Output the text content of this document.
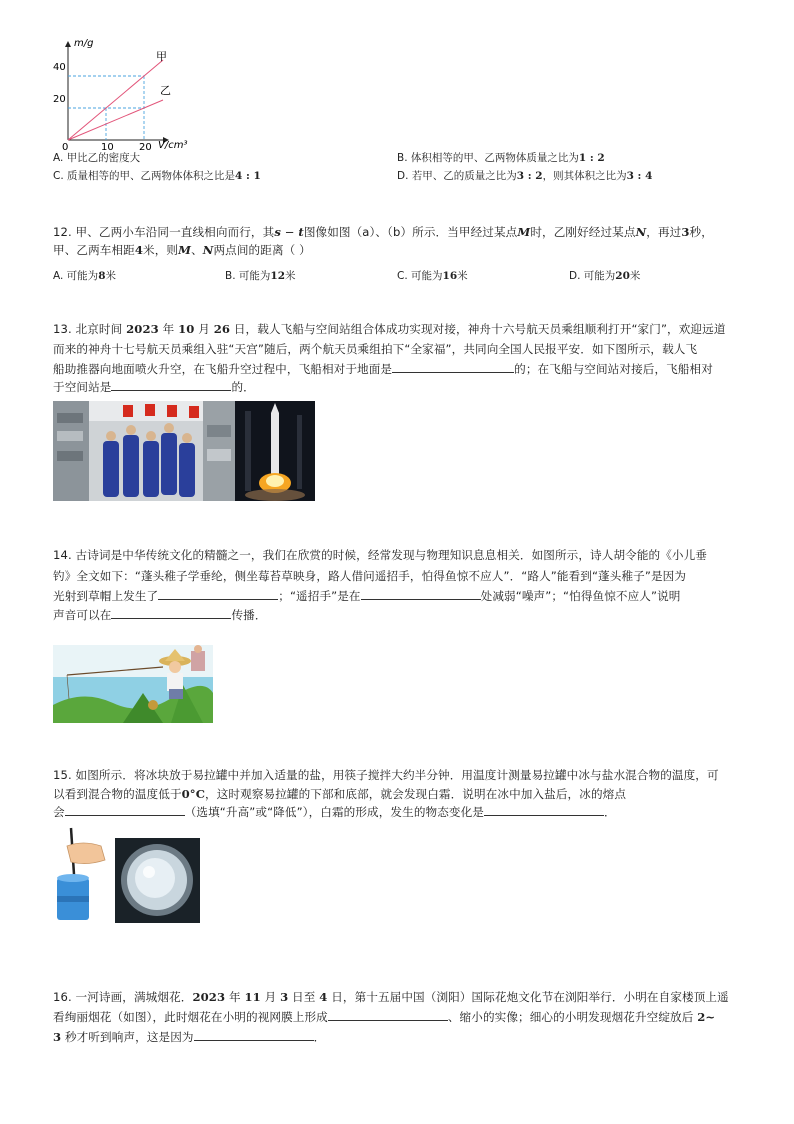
m/g
V/cm³
0
20
40
10	20
甲
乙
A. 甲比乙的密度大	B. 体积相等的甲、乙两物体质量之比为1 : 2
C. 质量相等的甲、乙两物体体积之比是4 : 1	D. 若甲、乙的质量之比为3 : 2，则其体积之比为3 : 4
12. 甲、乙两小车沿同一直线相向而行，其s − t图像如图（a）、（b）所示．当甲经过某点M时，乙刚好经过某点N，再过3秒，
甲、乙两车相距4米，则M、N两点间的距离（ ）
A. 可能为8米	B. 可能为12米	C. 可能为16米	D. 可能为20米
13. 北京时间 2023 年 10 月 26 日，载人飞船与空间站组合体成功实现对接，神舟十六号航天员乘组顺利打开“家门”，欢迎远道
而来的神舟十七号航天员乘组入驻“天宫”随后，两个航天员乘组拍下“全家福”，共同向全国人民报平安．如下图所示，载人飞
船助推器向地面喷火升空，在飞船升空过程中，飞船相对于地面是	的；在飞船与空间站对接后，飞船相对
于空间站是	的．
14. 古诗词是中华传统文化的精髓之一，我们在欣赏的时候，经常发现与物理知识息息相关．如图所示，诗人胡令能的《小儿垂
钓》全文如下：“蓬头稚子学垂纶，侧坐莓苔草映身，路人借问遥招手，怕得鱼惊不应人”．“路人”能看到“蓬头稚子”是因为
光射到草帽上发生了	；“遥招手”是在	处减弱“噪声”；“怕得鱼惊不应人”说明
声音可以在	传播．
15. 如图所示．将冰块放于易拉罐中并加入适量的盐，用筷子搅拌大约半分钟．用温度计测量易拉罐中冰与盐水混合物的温度，可
以看到混合物的温度低于0°C，这时观察易拉罐的下部和底部，就会发现白霜．说明在冰中加入盐后，冰的熔点
会	（选填“升高”或“降低”），白霜的形成，发生的物态变化是	．
16. 一河诗画，满城烟花．2023 年 11 月 3 日至 4 日，第十五届中国（浏阳）国际花炮文化节在浏阳举行．小明在自家楼顶上遥
看绚丽烟花（如图），此时烟花在小明的视网膜上形成	、缩小的实像；细心的小明发现烟花升空绽放后 2~
3 秒才听到响声，这是因为	．
